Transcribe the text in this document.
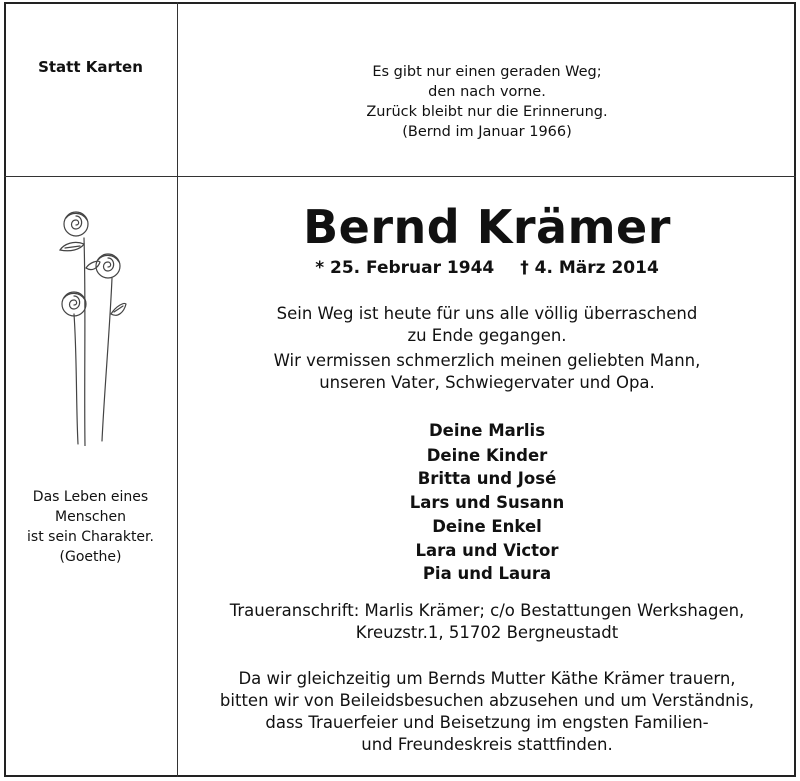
Statt Karten	Es gibt nur einen geraden Weg;
den nach vorne.
Zurück bleibt nur die Erinnerung.
(Bernd im Januar 1966)
Das Leben eines
Menschen
ist sein Charakter.
(Goethe)
Bernd Krämer
* 25. Februar 1944 † 4. März 2014
Sein Weg ist heute für uns alle völlig überraschend
zu Ende gegangen.
Wir vermissen schmerzlich meinen geliebten Mann,
unseren Vater, Schwiegervater und Opa.
Deine Marlis
Deine Kinder
Britta und José
Lars und Susann
Deine Enkel
Lara und Victor
Pia und Laura
Traueranschrift: Marlis Krämer; c/o Bestattungen Werkshagen,
Kreuzstr.1, 51702 Bergneustadt
Da wir gleichzeitig um Bernds Mutter Käthe Krämer trauern,
bitten wir von Beileidsbesuchen abzusehen und um Verständnis,
dass Trauerfeier und Beisetzung im engsten Familien-
und Freundeskreis stattfinden.
